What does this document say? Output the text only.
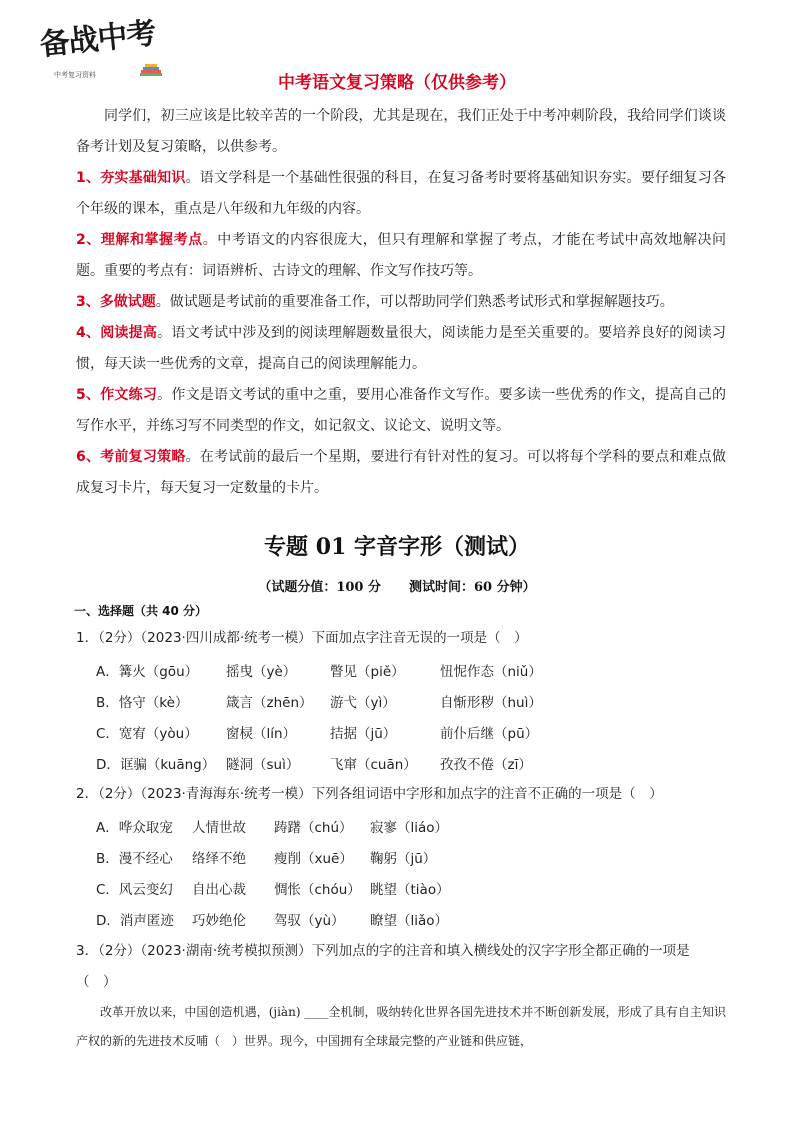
备战中考
中考复习资料	中考语文复习策略（仅供参考）
同学们，初三应该是比较辛苦的一个阶段，尤其是现在，我们正处于中考冲刺阶段，我给同学们谈谈备考计划及复习策略，以供参考。

1、夯实基础知识。语文学科是一个基础性很强的科目，在复习备考时要将基础知识夯实。要仔细复习各个年级的课本，重点是八年级和九年级的内容。

2、理解和掌握考点。中考语文的内容很庞大，但只有理解和掌握了考点，才能在考试中高效地解决问题。重要的考点有：词语辨析、古诗文的理解、作文写作技巧等。

3、多做试题。做试题是考试前的重要准备工作，可以帮助同学们熟悉考试形式和掌握解题技巧。

4、阅读提高。语文考试中涉及到的阅读理解题数量很大，阅读能力是至关重要的。要培养良好的阅读习惯，每天读一些优秀的文章，提高自己的阅读理解能力。

5、作文练习。作文是语文考试的重中之重，要用心准备作文写作。要多读一些优秀的作文，提高自己的写作水平，并练习写不同类型的作文，如记叙文、议论文、说明文等。

6、考前复习策略。在考试前的最后一个星期，要进行有针对性的复习。可以将每个学科的要点和难点做成复习卡片，每天复习一定数量的卡片。

专题 01 字音字形（测试）
（试题分值：100 分 测试时间：60 分钟）
一、选择题（共 40 分）
1．（2分）（2023·四川成都·统考一模）下面加点字注音无误的一项是（　）
A．篝火（gōu）	摇曳（yè）	瞥见（piě）	忸怩作态（niǔ）
B．恪守（kè）	箴言（zhēn）	游弋（yì）	自惭形秽（huì）
C．宽宥（yòu）	窗棂（lín）	拮据（jū）	前仆后继（pū）
D．诓骗（kuāng） 隧洞（suì）	飞窜（cuān）	孜孜不倦（zī）
2．（2分）（2023·青海海东·统考一模）下列各组词语中字形和加点字的注音不正确的一项是（　）
A．哗众取宠	人情世故	踌躇（chú）	寂寥（liáo）
B．漫不经心	络绎不绝	瘦削（xuē）	鞠躬（jū）
C．风云变幻	自出心裁	惆怅（chóu） 眺望（tiào）
D．消声匿迹	巧妙绝伦	驾驭（yù）	瞭望（liǎo）
3．（2分）（2023·湖南·统考模拟预测）下列加点的字的注音和填入横线处的汉字字形全都正确的一项是
（　）
改革开放以来，中国创造机遇，(jiàn) ____全机制，吸纳转化世界各国先进技术并不断创新发展，形成了具有自主知识产权的新的先进技术反哺（　）世界。现今，中国拥有全球最完整的产业链和供应链，
